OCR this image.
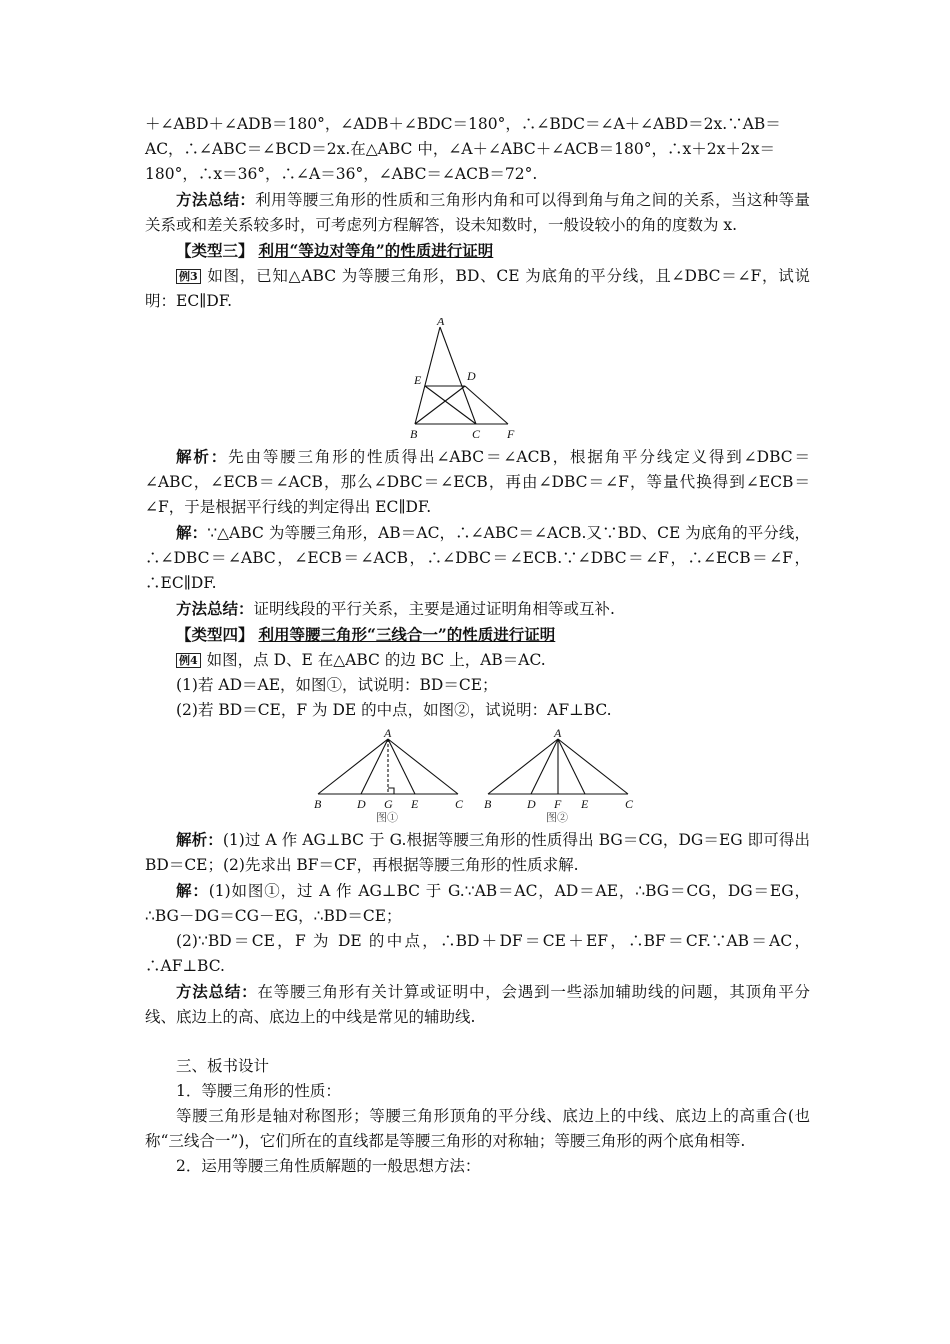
＋∠ABD＋∠ADB＝180°，∠ADB＋∠BDC＝180°，∴∠BDC＝∠A＋∠ABD＝2x.∵AB＝

AC，∴∠ABC＝∠BCD＝2x.在△ABC 中，∠A＋∠ABC＋∠ACB＝180°，∴x＋2x＋2x＝

180°，∴x＝36°，∴∠A＝36°，∠ABC＝∠ACB＝72°.

方法总结：利用等腰三角形的性质和三角形内角和可以得到角与角之间的关系，当这种等量关系或和差关系较多时，可考虑列方程解答，设未知数时，一般设较小的角的度数为 x.

【类型三】 利用“等边对等角”的性质进行证明

例3 如图，已知△ABC 为等腰三角形，BD、CE 为底角的平分线，且∠DBC＝∠F，试说明：EC∥DF.

A
B	C
D
E
F

解析：先由等腰三角形的性质得出∠ABC＝∠ACB，根据角平分线定义得到∠DBC＝∠ABC，∠ECB＝∠ACB，那么∠DBC＝∠ECB，再由∠DBC＝∠F，等量代换得到∠ECB＝∠F，于是根据平行线的判定得出 EC∥DF.

解：∵△ABC 为等腰三角形，AB＝AC，∴∠ABC＝∠ACB.又∵BD、CE 为底角的平分线，∴∠DBC＝∠ABC，∠ECB＝∠ACB，∴∠DBC＝∠ECB.∵∠DBC＝∠F，∴∠ECB＝∠F，∴EC∥DF.

方法总结：证明线段的平行关系，主要是通过证明角相等或互补.

【类型四】 利用等腰三角形“三线合一”的性质进行证明

例4 如图，点 D、E 在△ABC 的边 BC 上，AB＝AC.

(1)若 AD＝AE，如图①，试说明：BD＝CE；

(2)若 BD＝CE，F 为 DE 的中点，如图②，试说明：AF⊥BC.

A
B	D G E	C
A
B	D F E	C
图①	图②

解析：(1)过 A 作 AG⊥BC 于 G.根据等腰三角形的性质得出 BG＝CG，DG＝EG 即可得出 BD＝CE；(2)先求出 BF＝CF，再根据等腰三角形的性质求解.

解：(1)如图①，过 A 作 AG⊥BC 于 G.∵AB＝AC，AD＝AE，∴BG＝CG，DG＝EG，∴BG－DG＝CG－EG，∴BD＝CE；

(2)∵BD＝CE，F 为 DE 的中点，∴BD＋DF＝CE＋EF，∴BF＝CF.∵AB＝AC，∴AF⊥BC.

方法总结：在等腰三角形有关计算或证明中，会遇到一些添加辅助线的问题，其顶角平分线、底边上的高、底边上的中线是常见的辅助线.

三、板书设计

1．等腰三角形的性质：

等腰三角形是轴对称图形；等腰三角形顶角的平分线、底边上的中线、底边上的高重合(也称“三线合一”)，它们所在的直线都是等腰三角形的对称轴；等腰三角形的两个底角相等.

2．运用等腰三角性质解题的一般思想方法：
